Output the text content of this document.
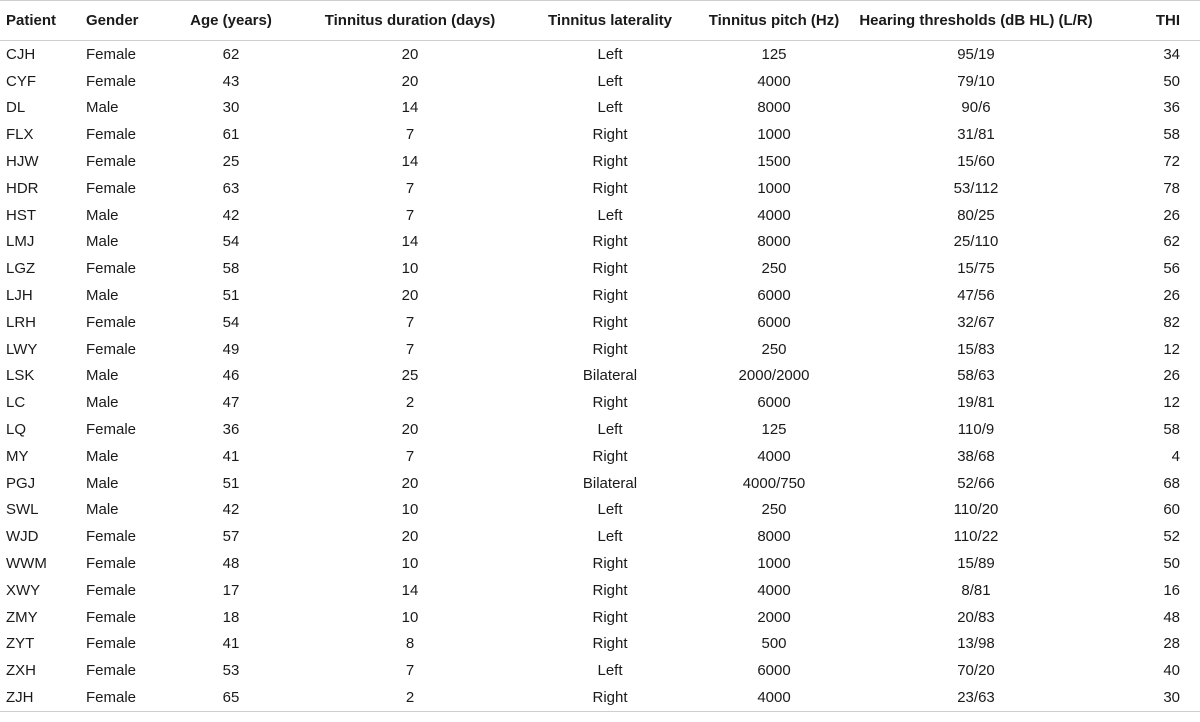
Patient	Gender	Age (years)	Tinnitus duration (days)	Tinnitus laterality	Tinnitus pitch (Hz)	Hearing thresholds (dB HL) (L/R)	THI
CJH	Female	62	20	Left	125	95/19	34
CYF	Female	43	20	Left	4000	79/10	50
DL	Male	30	14	Left	8000	90/6	36
FLX	Female	61	7	Right	1000	31/81	58
HJW	Female	25	14	Right	1500	15/60	72
HDR	Female	63	7	Right	1000	53/112	78
HST	Male	42	7	Left	4000	80/25	26
LMJ	Male	54	14	Right	8000	25/110	62
LGZ	Female	58	10	Right	250	15/75	56
LJH	Male	51	20	Right	6000	47/56	26
LRH	Female	54	7	Right	6000	32/67	82
LWY	Female	49	7	Right	250	15/83	12
LSK	Male	46	25	Bilateral	2000/2000	58/63	26
LC	Male	47	2	Right	6000	19/81	12
LQ	Female	36	20	Left	125	110/9	58
MY	Male	41	7	Right	4000	38/68	4
PGJ	Male	51	20	Bilateral	4000/750	52/66	68
SWL	Male	42	10	Left	250	110/20	60
WJD	Female	57	20	Left	8000	110/22	52
WWM	Female	48	10	Right	1000	15/89	50
XWY	Female	17	14	Right	4000	8/81	16
ZMY	Female	18	10	Right	2000	20/83	48
ZYT	Female	41	8	Right	500	13/98	28
ZXH	Female	53	7	Left	6000	70/20	40
ZJH	Female	65	2	Right	4000	23/63	30
